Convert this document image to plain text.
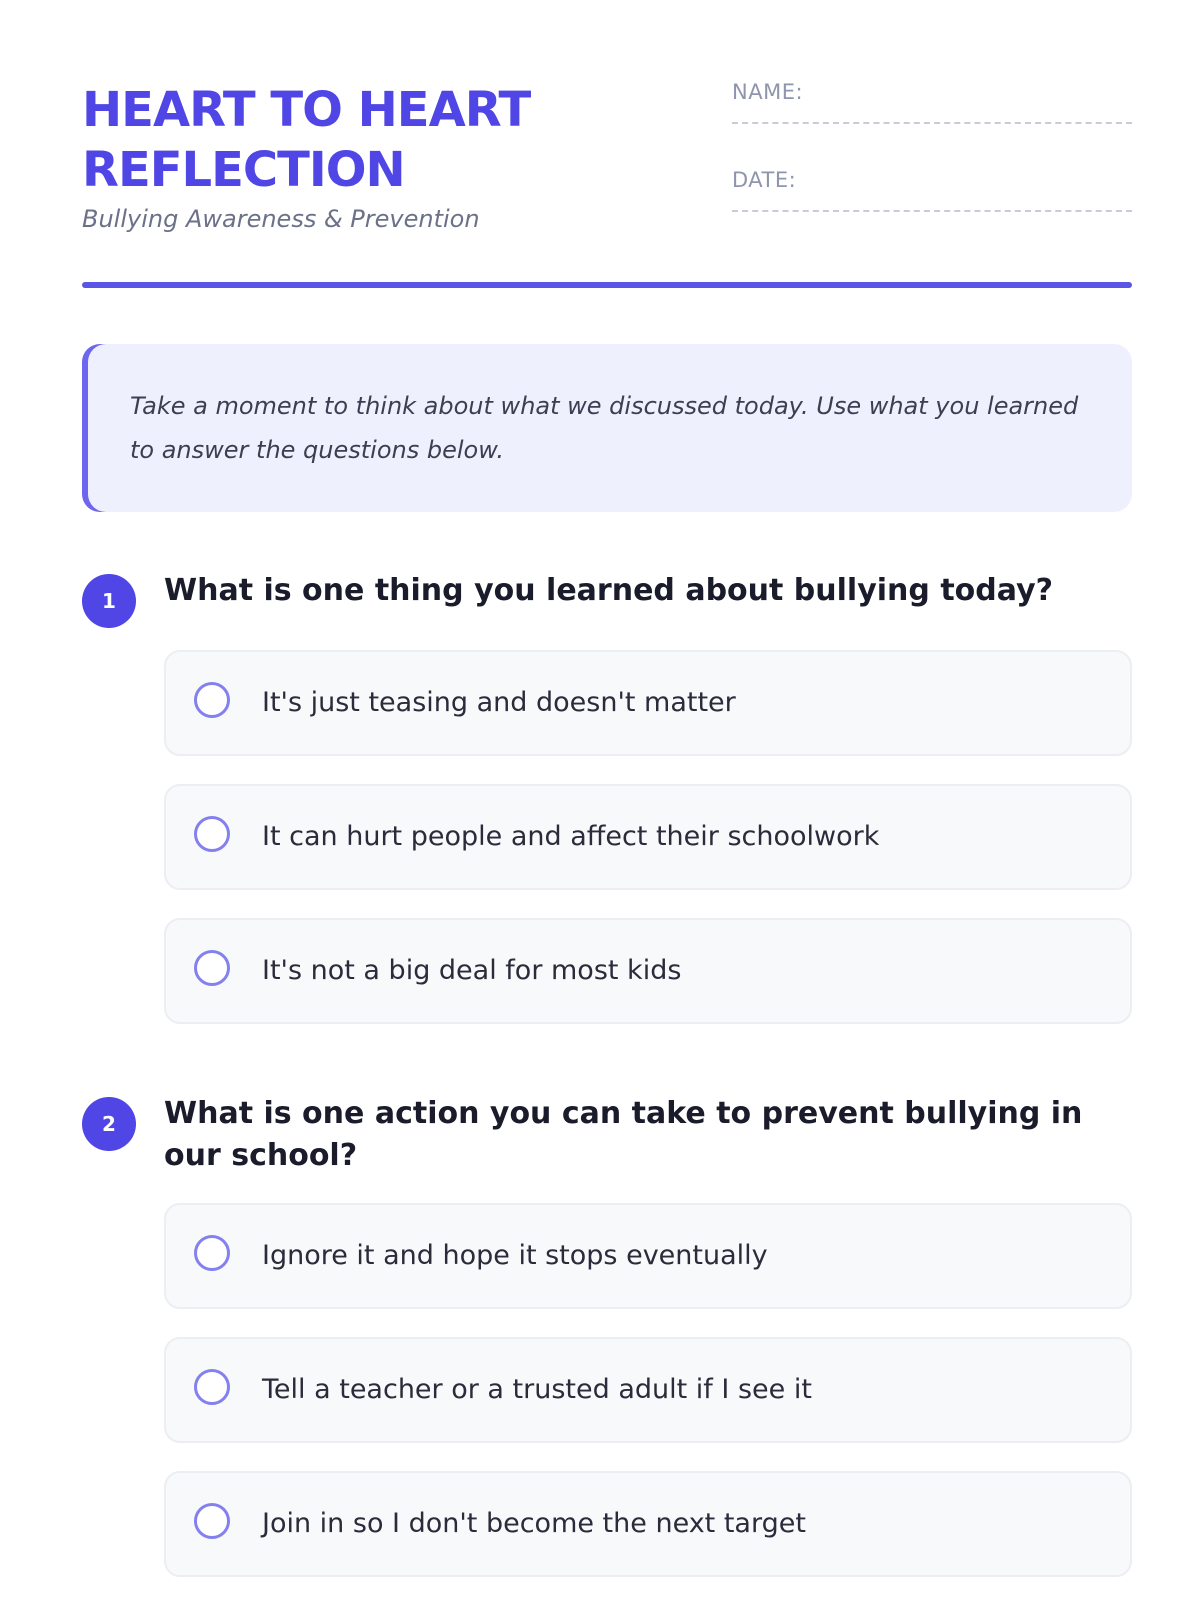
HEART TO HEART REFLECTION
Bullying Awareness & Prevention
NAME:
DATE:
Take a moment to think about what we discussed today. Use what you learned to answer the questions below.
1	What is one thing you learned about bullying today?
It's just teasing and doesn't matter
It can hurt people and affect their schoolwork
It's not a big deal for most kids
2	What is one action you can take to prevent bullying in our school?
Ignore it and hope it stops eventually
Tell a teacher or a trusted adult if I see it
Join in so I don't become the next target
